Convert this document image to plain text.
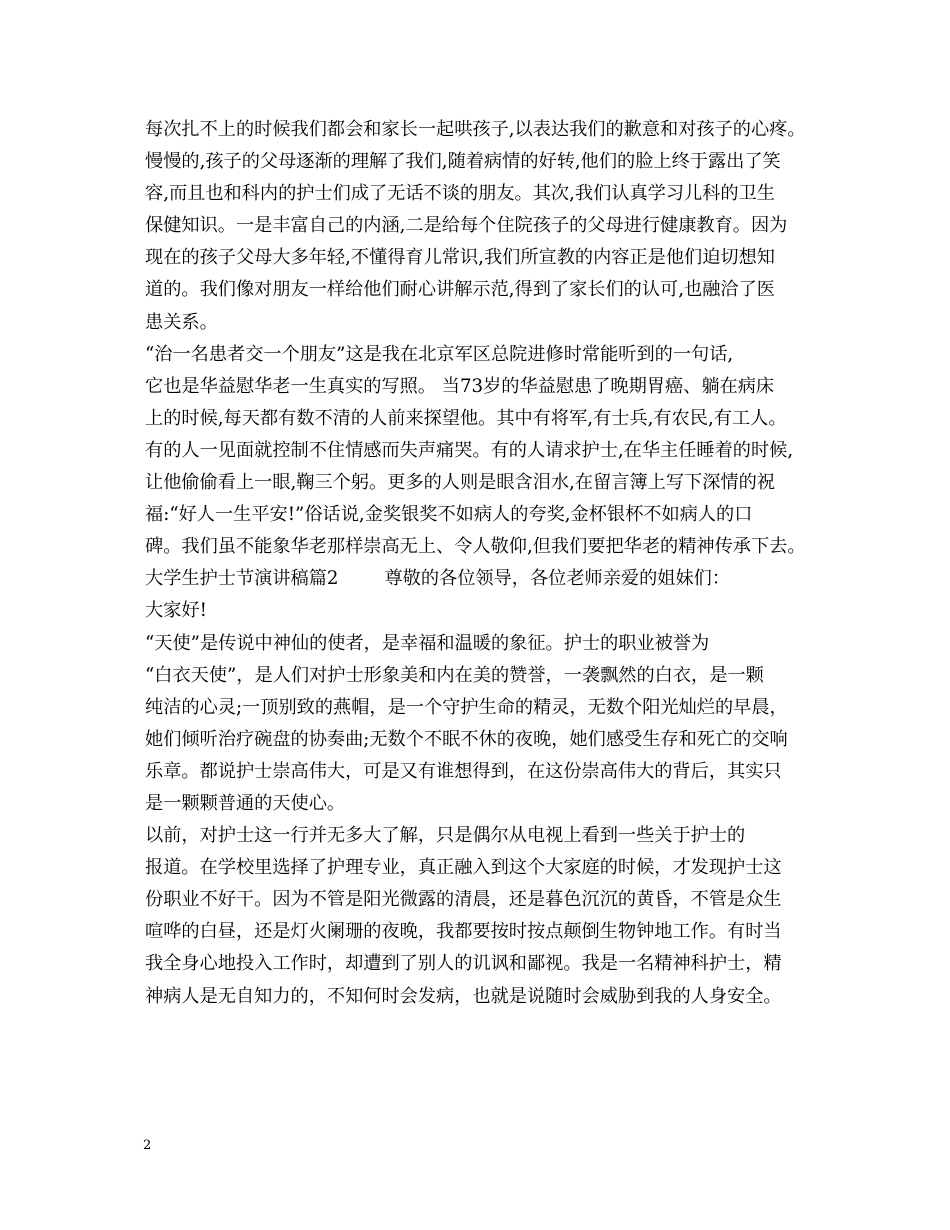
每次扎不上的时候我们都会和家长一起哄孩子,以表达我们的歉意和对孩子的心疼。

慢慢的,孩子的父母逐渐的理解了我们,随着病情的好转,他们的脸上终于露出了笑

容,而且也和科内的护士们成了无话不谈的朋友。其次,我们认真学习儿科的卫生

保健知识。一是丰富自己的内涵,二是给每个住院孩子的父母进行健康教育。因为

现在的孩子父母大多年轻,不懂得育儿常识,我们所宣教的内容正是他们迫切想知

道的。我们像对朋友一样给他们耐心讲解示范,得到了家长们的认可,也融洽了医

患关系。

“治一名患者交一个朋友”这是我在北京军区总院进修时常能听到的一句话,

它也是华益慰华老一生真实的写照。 当73岁的华益慰患了晚期胃癌、躺在病床

上的时候,每天都有数不清的人前来探望他。其中有将军,有士兵,有农民,有工人。

有的人一见面就控制不住情感而失声痛哭。有的人请求护士,在华主任睡着的时候,

让他偷偷看上一眼,鞠三个躬。更多的人则是眼含泪水,在留言簿上写下深情的祝

福:“好人一生平安!”俗话说,金奖银奖不如病人的夸奖,金杯银杯不如病人的口

碑。我们虽不能象华老那样崇高无上、令人敬仰,但我们要把华老的精神传承下去。

大学生护士节演讲稿篇2	尊敬的各位领导，各位老师亲爱的姐妹们：

大家好!

“天使”是传说中神仙的使者，是幸福和温暖的象征。护士的职业被誉为

“白衣天使”，是人们对护士形象美和内在美的赞誉，一袭飘然的白衣，是一颗

纯洁的心灵;一顶别致的燕帽，是一个守护生命的精灵，无数个阳光灿烂的早晨，

她们倾听治疗碗盘的协奏曲;无数个不眠不休的夜晚，她们感受生存和死亡的交响

乐章。都说护士崇高伟大，可是又有谁想得到，在这份崇高伟大的背后，其实只

是一颗颗普通的天使心。

以前，对护士这一行并无多大了解，只是偶尔从电视上看到一些关于护士的

报道。在学校里选择了护理专业，真正融入到这个大家庭的时候，才发现护士这

份职业不好干。因为不管是阳光微露的清晨，还是暮色沉沉的黄昏，不管是众生

喧哗的白昼，还是灯火阑珊的夜晚，我都要按时按点颠倒生物钟地工作。有时当

我全身心地投入工作时，却遭到了别人的讥讽和鄙视。我是一名精神科护士，精

神病人是无自知力的，不知何时会发病，也就是说随时会威胁到我的人身安全。

2
